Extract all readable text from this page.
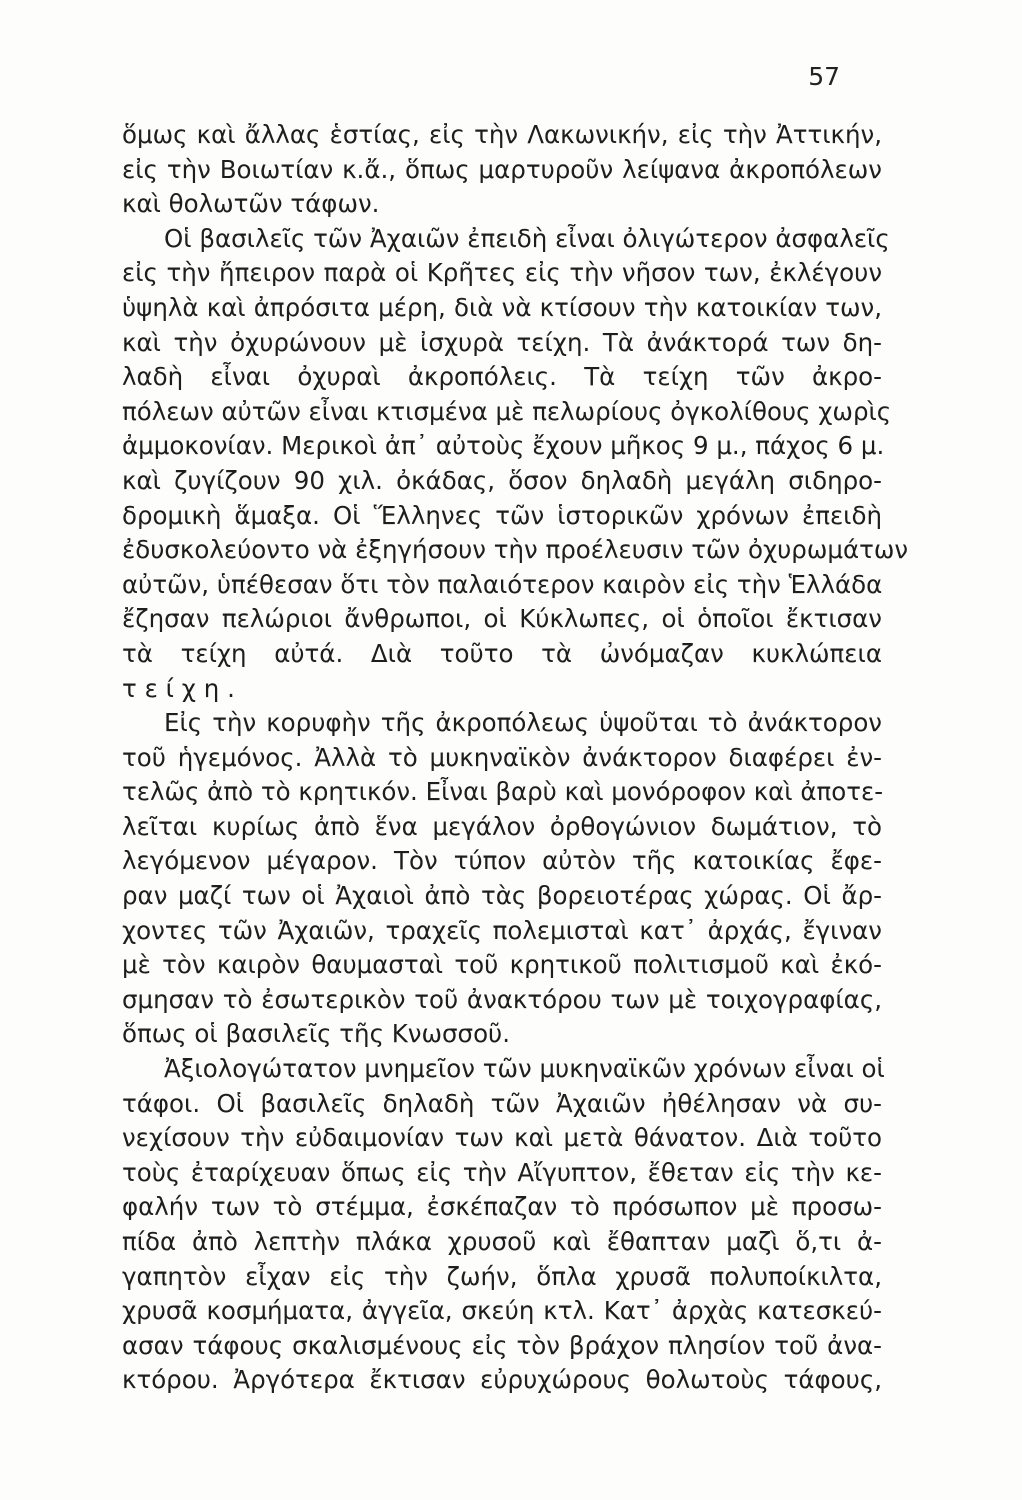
57
ὅμως καὶ ἄλλας ἑστίας, εἰς τὴν Λακωνικήν, εἰς τὴν Ἀττικήν,
εἰς τὴν Βοιωτίαν κ.ἄ., ὅπως μαρτυροῦν λείψανα ἀκροπόλεων
καὶ θολωτῶν τάφων.
Οἱ βασιλεῖς τῶν Ἀχαιῶν ἐπειδὴ εἶναι ὀλιγώτερον ἀσφαλεῖς
εἰς τὴν ἤπειρον παρὰ οἱ Κρῆτες εἰς τὴν νῆσον των, ἐκλέγουν
ὑψηλὰ καὶ ἀπρόσιτα μέρη, διὰ νὰ κτίσουν τὴν κατοικίαν των,
καὶ τὴν ὀχυρώνουν μὲ ἰσχυρὰ τείχη. Τὰ ἀνάκτορά των δη-
λαδὴ εἶναι ὀχυραὶ ἀκροπόλεις. Τὰ τείχη τῶν ἀκρο-
πόλεων αὐτῶν εἶναι κτισμένα μὲ πελωρίους ὀγκολίθους χωρὶς
ἀμμοκονίαν. Μερικοὶ ἀπ᾽ αὐτοὺς ἔχουν μῆκος 9 μ., πάχος 6 μ.
καὶ ζυγίζουν 90 χιλ. ὀκάδας, ὅσον δηλαδὴ μεγάλη σιδηρο-
δρομικὴ ἅμαξα. Οἱ Ἕλληνες τῶν ἱστορικῶν χρόνων ἐπειδὴ
ἐδυσκολεύοντο νὰ ἐξηγήσουν τὴν προέλευσιν τῶν ὀχυρωμάτων
αὐτῶν, ὑπέθεσαν ὅτι τὸν παλαιότερον καιρὸν εἰς τὴν Ἑλλάδα
ἔζησαν πελώριοι ἄνθρωποι, οἱ Κύκλωπες, οἱ ὁποῖοι ἔκτισαν
τὰ τείχη αὐτά. Διὰ τοῦτο τὰ ὠνόμαζαν κυκλώπεια
τείχη.
Εἰς τὴν κορυφὴν τῆς ἀκροπόλεως ὑψοῦται τὸ ἀνάκτορον
τοῦ ἡγεμόνος. Ἀλλὰ τὸ μυκηναϊκὸν ἀνάκτορον διαφέρει ἐν-
τελῶς ἀπὸ τὸ κρητικόν. Εἶναι βαρὺ καὶ μονόροφον καὶ ἀποτε-
λεῖται κυρίως ἀπὸ ἕνα μεγάλον ὀρθογώνιον δωμάτιον, τὸ
λεγόμενον μέγαρον. Τὸν τύπον αὐτὸν τῆς κατοικίας ἔφε-
ραν μαζί των οἱ Ἀχαιοὶ ἀπὸ τὰς βορειοτέρας χώρας. Οἱ ἄρ-
χοντες τῶν Ἀχαιῶν, τραχεῖς πολεμισταὶ κατ᾽ ἀρχάς, ἔγιναν
μὲ τὸν καιρὸν θαυμασταὶ τοῦ κρητικοῦ πολιτισμοῦ καὶ ἐκό-
σμησαν τὸ ἐσωτερικὸν τοῦ ἀνακτόρου των μὲ τοιχογραφίας,
ὅπως οἱ βασιλεῖς τῆς Κνωσσοῦ.
Ἀξιολογώτατον μνημεῖον τῶν μυκηναϊκῶν χρόνων εἶναι οἱ
τάφοι. Οἱ βασιλεῖς δηλαδὴ τῶν Ἀχαιῶν ἠθέλησαν νὰ συ-
νεχίσουν τὴν εὐδαιμονίαν των καὶ μετὰ θάνατον. Διὰ τοῦτο
τοὺς ἐταρίχευαν ὅπως εἰς τὴν Αἴγυπτον, ἔθεταν εἰς τὴν κε-
φαλήν των τὸ στέμμα, ἐσκέπαζαν τὸ πρόσωπον μὲ προσω-
πίδα ἀπὸ λεπτὴν πλάκα χρυσοῦ καὶ ἔθαπταν μαζὶ ὅ,τι ἀ-
γαπητὸν εἶχαν εἰς τὴν ζωήν, ὅπλα χρυσᾶ πολυποίκιλτα,
χρυσᾶ κοσμήματα, ἀγγεῖα, σκεύη κτλ. Κατ᾽ ἀρχὰς κατεσκεύ-
ασαν τάφους σκαλισμένους εἰς τὸν βράχον πλησίον τοῦ ἀνα-
κτόρου. Ἀργότερα ἔκτισαν εὐρυχώρους θολωτοὺς τάφους,
